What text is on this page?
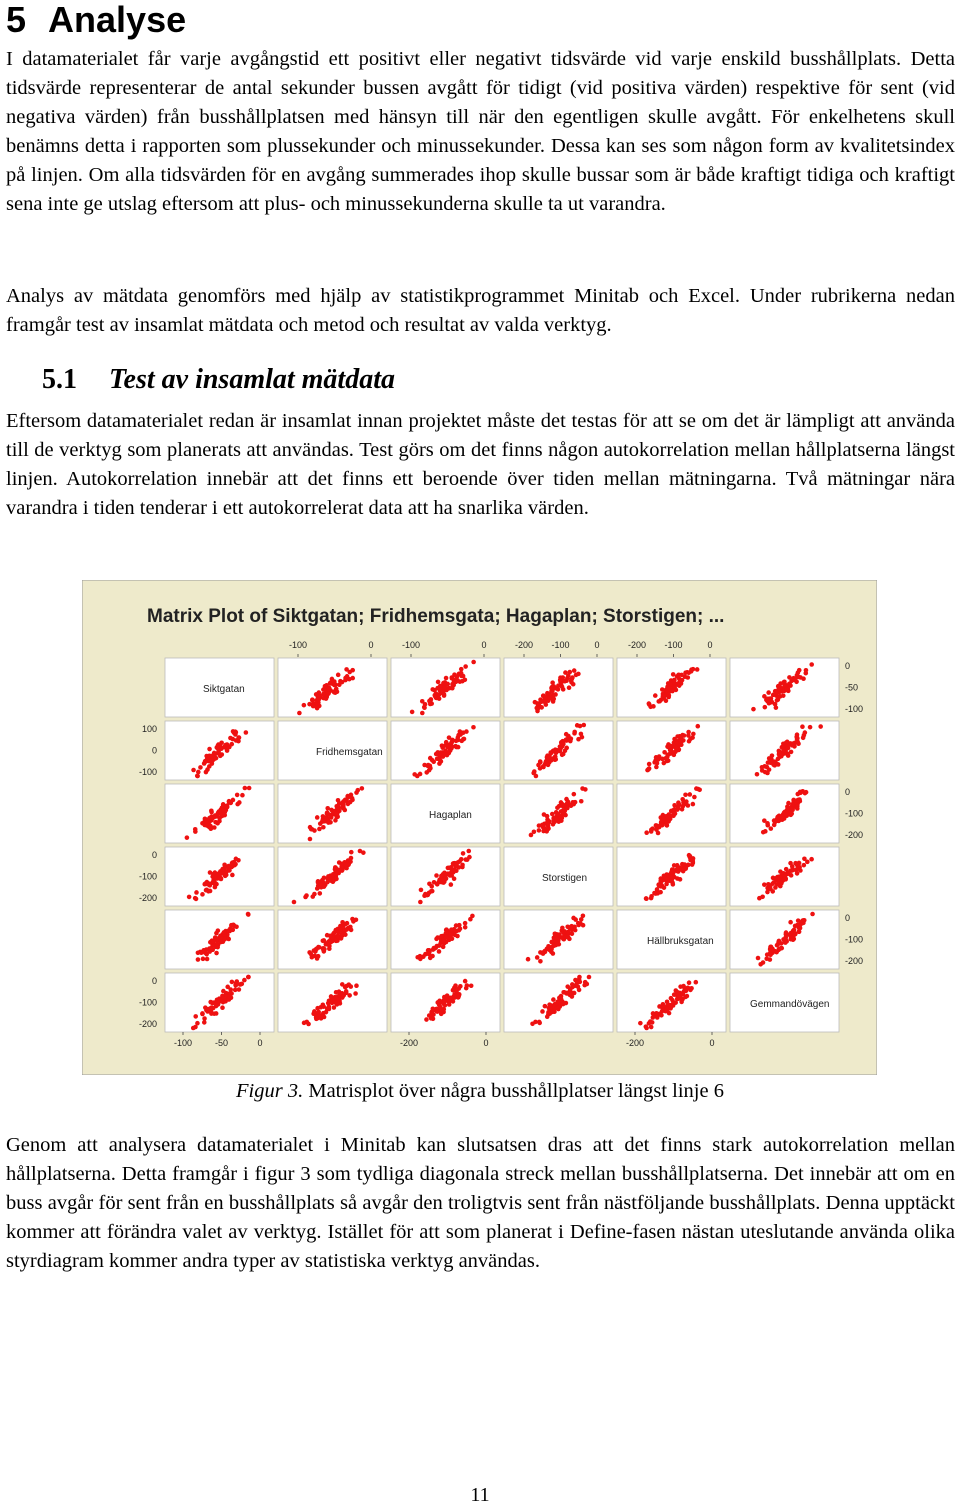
5 Analyse

I datamaterialet får varje avgångstid ett positivt eller negativt tidsvärde vid varje enskild busshållplats. Detta tidsvärde representerar de antal sekunder bussen avgått för tidigt (vid positiva värden) respektive för sent (vid negativa värden) från busshållplatsen med hänsyn till när den egentligen skulle avgått. För enkelhetens skull benämns detta i rapporten som plussekunder och minussekunder. Dessa kan ses som någon form av kvalitetsindex på linjen. Om alla tidsvärden för en avgång summerades ihop skulle bussar som är både kraftigt tidiga och kraftigt sena inte ge utslag eftersom att plus- och minussekunderna skulle ta ut varandra.

Analys av mätdata genomförs med hjälp av statistikprogrammet Minitab och Excel. Under rubrikerna nedan framgår test av insamlat mätdata och metod och resultat av valda verktyg.

5.1 Test av insamlat mätdata

Eftersom datamaterialet redan är insamlat innan projektet måste det testas för att se om det är lämpligt att använda till de verktyg som planerats att användas. Test görs om det finns någon autokorrelation mellan hållplatserna längst linjen. Autokorrelation innebär att det finns ett beroende över tiden mellan mätningarna. Två mätningar nära varandra i tiden tenderar i ett autokorrelerat data att ha snarlika värden.

Matrix Plot of Siktgatan; Fridhemsgata; Hagaplan; Storstigen; ...
Siktgatan
Fridhemsgatan
Hagaplan
Storstigen
Hällbruksgatan
Gemmandövägen
-100	0	-100	0	-200 -100	0	-200 -100	0
-100	-50	0	-200	0	-200	0
100
0
-100
0
-100
-200
0
-100
-200
0
-50
-100
0
-100
-200
0
-100
-200
Figur 3. Matrisplot över några busshållplatser längst linje 6

Genom att analysera datamaterialet i Minitab kan slutsatsen dras att det finns stark autokorrelation mellan hållplatserna. Detta framgår i figur 3 som tydliga diagonala streck mellan busshållplatserna. Det innebär att om en buss avgår för sent från en busshållplats så avgår den troligtvis sent från nästföljande busshållplats. Denna upptäckt kommer att förändra valet av verktyg. Istället för att som planerat i Define-fasen nästan uteslutande använda olika styrdiagram kommer andra typer av statistiska verktyg användas.

11
